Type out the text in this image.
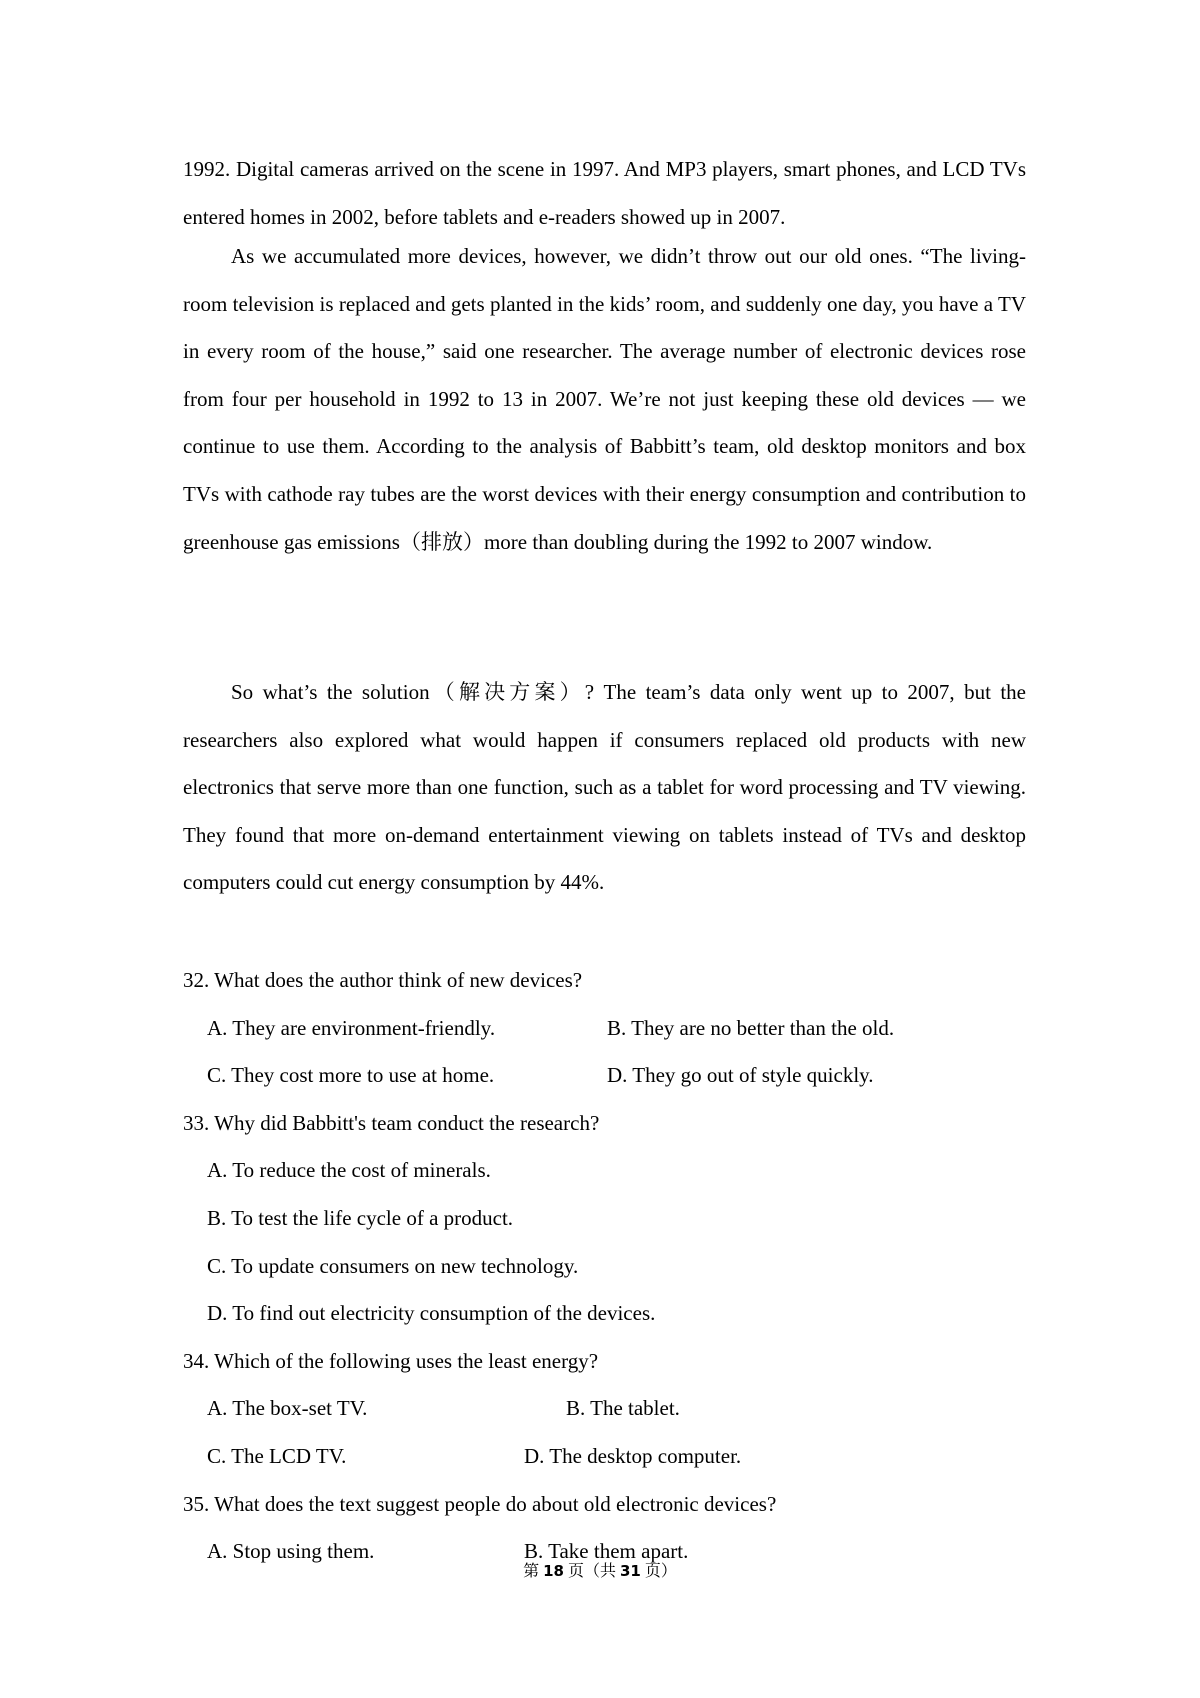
1992. Digital cameras arrived on the scene in 1997. And MP3 players, smart phones, and LCD TVs entered homes in 2002, before tablets and e-readers showed up in 2007.

As we accumulated more devices, however, we didn’t throw out our old ones. “The living-room television is replaced and gets planted in the kids’ room, and suddenly one day, you have a TV in every room of the house,” said one researcher. The average number of electronic devices rose from four per household in 1992 to 13 in 2007. We’re not just keeping these old devices — we continue to use them. According to the analysis of Babbitt’s team, old desktop monitors and box TVs with cathode ray tubes are the worst devices with their energy consumption and contribution to greenhouse gas emissions（排放）more than doubling during the 1992 to 2007 window.

So what’s the solution（解决方案）? The team’s data only went up to 2007, but the researchers also explored what would happen if consumers replaced old products with new electronics that serve more than one function, such as a tablet for word processing and TV viewing. They found that more on-demand entertainment viewing on tablets instead of TVs and desktop computers could cut energy consumption by 44%.

32. What does the author think of new devices?
A. They are environment-friendly.	B. They are no better than the old.
C. They cost more to use at home.	D. They go out of style quickly.
33. Why did Babbitt's team conduct the research?
A. To reduce the cost of minerals.
B. To test the life cycle of a product.
C. To update consumers on new technology.
D. To find out electricity consumption of the devices.
34. Which of the following uses the least energy?
A. The box-set TV.	B. The tablet.
C. The LCD TV.	D. The desktop computer.
35. What does the text suggest people do about old electronic devices?
A. Stop using them.	B. Take them apart.
第 18 页（共 31 页）
